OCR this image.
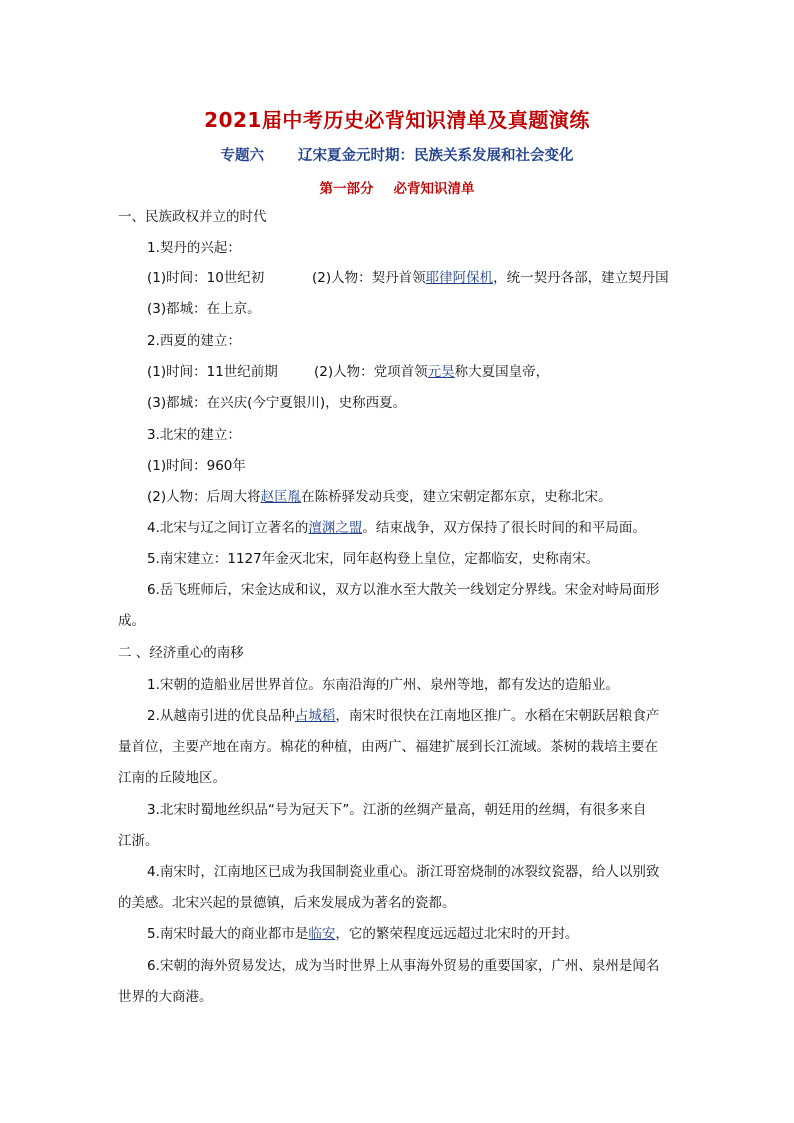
2021届中考历史必背知识清单及真题演练
专题六 辽宋夏金元时期：民族关系发展和社会变化
第一部分 必背知识清单
一、民族政权并立的时代
1.契丹的兴起：
(1)时间：10世纪初	(2)人物：契丹首领耶律阿保机，统一契丹各部，建立契丹国
(3)都城：在上京。
2.西夏的建立：
(1)时间：11世纪前期	(2)人物：党项首领元昊称大夏国皇帝，
(3)都城：在兴庆(今宁夏银川)，史称西夏。
3.北宋的建立：
(1)时间：960年
(2)人物：后周大将赵匡胤在陈桥驿发动兵变，建立宋朝定都东京，史称北宋。
4.北宋与辽之间订立著名的澶渊之盟。结束战争，双方保持了很长时间的和平局面。
5.南宋建立：1127年金灭北宋，同年赵构登上皇位，定都临安，史称南宋。
6.岳飞班师后，宋金达成和议，双方以淮水至大散关一线划定分界线。宋金对峙局面形
成。
二 、经济重心的南移
1.宋朝的造船业居世界首位。东南沿海的广州、泉州等地，都有发达的造船业。
2.从越南引进的优良品种占城稻，南宋时很快在江南地区推广。水稻在宋朝跃居粮食产
量首位，主要产地在南方。棉花的种植，由两广、福建扩展到长江流域。茶树的栽培主要在
江南的丘陵地区。
3.北宋时蜀地丝织品“号为冠天下”。江浙的丝绸产量高，朝廷用的丝绸，有很多来自
江浙。
4.南宋时，江南地区已成为我国制瓷业重心。浙江哥窑烧制的冰裂纹瓷器，给人以别致
的美感。北宋兴起的景德镇，后来发展成为著名的瓷都。
5.南宋时最大的商业都市是临安，它的繁荣程度远远超过北宋时的开封。
6.宋朝的海外贸易发达，成为当时世界上从事海外贸易的重要国家，广州、泉州是闻名
世界的大商港。
